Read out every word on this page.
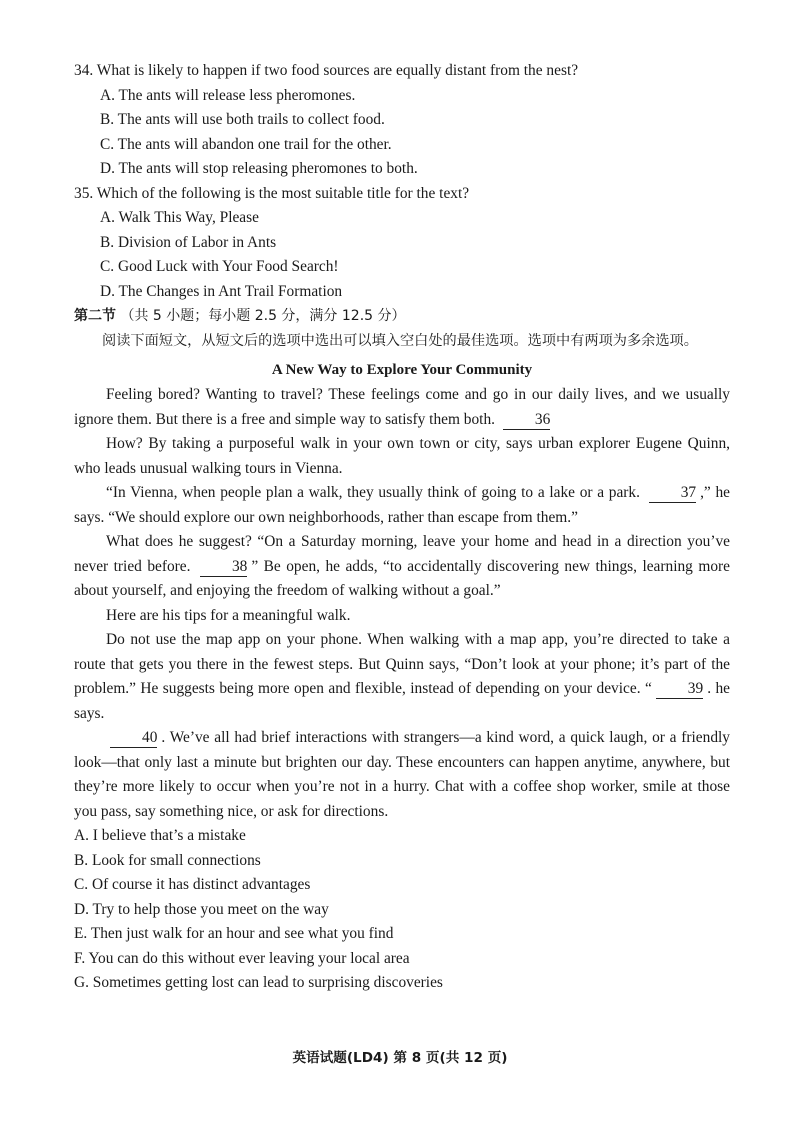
34. What is likely to happen if two food sources are equally distant from the nest?
A. The ants will release less pheromones.
B. The ants will use both trails to collect food.
C. The ants will abandon one trail for the other.
D. The ants will stop releasing pheromones to both.
35. Which of the following is the most suitable title for the text?
A. Walk This Way, Please
B. Division of Labor in Ants
C. Good Luck with Your Food Search!
D. The Changes in Ant Trail Formation
第二节 （共 5 小题；每小题 2.5 分，满分 12.5 分）
阅读下面短文，从短文后的选项中选出可以填入空白处的最佳选项。选项中有两项为多余选项。
A New Way to Explore Your Community

Feeling bored? Wanting to travel? These feelings come and go in our daily lives, and we usually ignore them. But there is a free and simple way to satisfy them both.	36

How? By taking a purposeful walk in your own town or city, says urban explorer Eugene Quinn, who leads unusual walking tours in Vienna.

“In Vienna, when people plan a walk, they usually think of going to a lake or a park.	37 ,” he says. “We should explore our own neighborhoods, rather than escape from them.”

What does he suggest? “On a Saturday morning, leave your home and head in a direction you’ve never tried before.	38 ” Be open, he adds, “to accidentally discovering new things, learning more about yourself, and enjoying the freedom of walking without a goal.”

Here are his tips for a meaningful walk.

Do not use the map app on your phone. When walking with a map app, you’re directed to take a route that gets you there in the fewest steps. But Quinn says, “Don’t look at your phone; it’s part of the problem.” He suggests being more open and flexible, instead of depending on your device. “ 39 . he says.

40 . We’ve all had brief interactions with strangers—a kind word, a quick laugh, or a friendly look—that only last a minute but brighten our day. These encounters can happen anytime, anywhere, but they’re more likely to occur when you’re not in a hurry. Chat with a coffee shop worker, smile at those you pass, say something nice, or ask for directions.

A. I believe that’s a mistake
B. Look for small connections
C. Of course it has distinct advantages
D. Try to help those you meet on the way
E. Then just walk for an hour and see what you find
F. You can do this without ever leaving your local area
G. Sometimes getting lost can lead to surprising discoveries
英语试题(LD4) 第 8 页(共 12 页)
